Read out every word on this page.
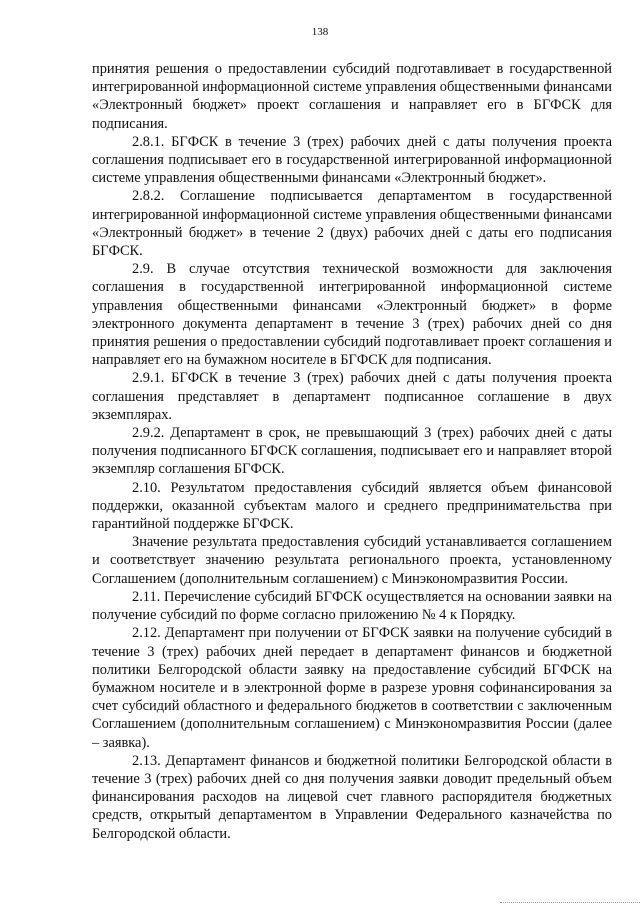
138

принятия решения о предоставлении субсидий подготавливает в государственной интегрированной информационной системе управления общественными финансами «Электронный бюджет» проект соглашения и направляет его в БГФСК для подписания.

2.8.1. БГФСК в течение 3 (трех) рабочих дней с даты получения проекта соглашения подписывает его в государственной интегрированной информационной системе управления общественными финансами «Электронный бюджет».

2.8.2. Соглашение подписывается департаментом в государственной интегрированной информационной системе управления общественными финансами «Электронный бюджет» в течение 2 (двух) рабочих дней с даты его подписания БГФСК.

2.9. В случае отсутствия технической возможности для заключения соглашения в государственной интегрированной информационной системе управления общественными финансами «Электронный бюджет» в форме электронного документа департамент в течение 3 (трех) рабочих дней со дня принятия решения о предоставлении субсидий подготавливает проект соглашения и направляет его на бумажном носителе в БГФСК для подписания.

2.9.1. БГФСК в течение 3 (трех) рабочих дней с даты получения проекта соглашения представляет в департамент подписанное соглашение в двух экземплярах.

2.9.2. Департамент в срок, не превышающий 3 (трех) рабочих дней с даты получения подписанного БГФСК соглашения, подписывает его и направляет второй экземпляр соглашения БГФСК.

2.10. Результатом предоставления субсидий является объем финансовой поддержки, оказанной субъектам малого и среднего предпринимательства при гарантийной поддержке БГФСК.

Значение результата предоставления субсидий устанавливается соглашением и соответствует значению результата регионального проекта, установленному Соглашением (дополнительным соглашением) с Минэкономразвития России.

2.11. Перечисление субсидий БГФСК осуществляется на основании заявки на получение субсидий по форме согласно приложению № 4 к Порядку.

2.12. Департамент при получении от БГФСК заявки на получение субсидий в течение 3 (трех) рабочих дней передает в департамент финансов и бюджетной политики Белгородской области заявку на предоставление субсидий БГФСК на бумажном носителе и в электронной форме в разрезе уровня софинансирования за счет субсидий областного и федерального бюджетов в соответствии с заключенным Соглашением (дополнительным соглашением) с Минэкономразвития России (далее – заявка).

2.13. Департамент финансов и бюджетной политики Белгородской области в течение 3 (трех) рабочих дней со дня получения заявки доводит предельный объем финансирования расходов на лицевой счет главного распорядителя бюджетных средств, открытый департаментом в Управлении Федерального казначейства по Белгородской области.
